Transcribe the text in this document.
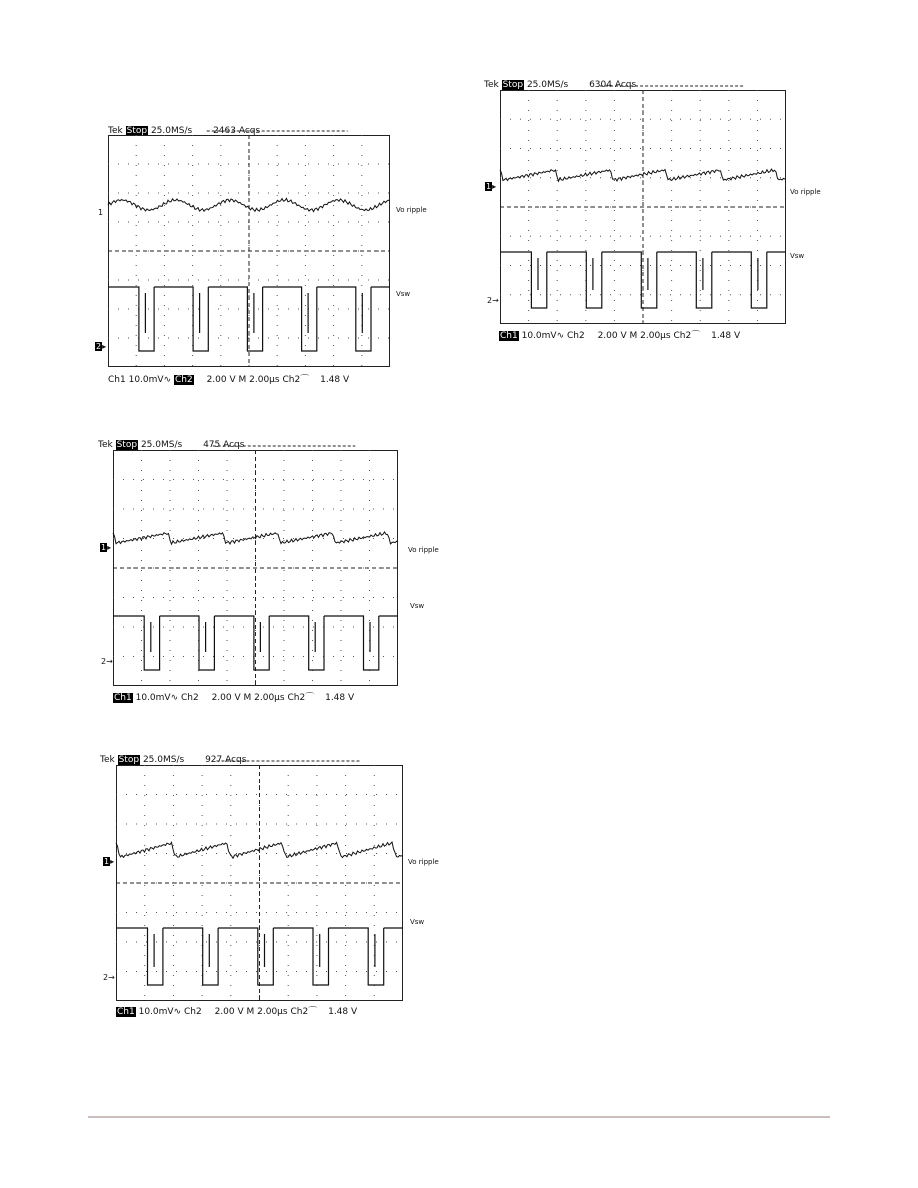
Tek Stop 25.0MS/s 2463 Acqs
Vo ripple
Vsw
1
2▸
Ch1 10.0mV∿ Ch2 2.00 V M 2.00µs Ch2⌒ 1.48 V
Tek Stop 25.0MS/s 6304 Acqs
Vo ripple
Vsw
1▸
2→
Ch1 10.0mV∿ Ch2 2.00 V M 2.00µs Ch2⌒ 1.48 V
Tek Stop 25.0MS/s 475 Acqs
Vo ripple
Vsw
1▸
2→
Ch1 10.0mV∿ Ch2 2.00 V M 2.00µs Ch2⌒ 1.48 V
Tek Stop 25.0MS/s 927 Acqs
Vo ripple
Vsw
1▸
2→
Ch1 10.0mV∿ Ch2 2.00 V M 2.00µs Ch2⌒ 1.48 V
